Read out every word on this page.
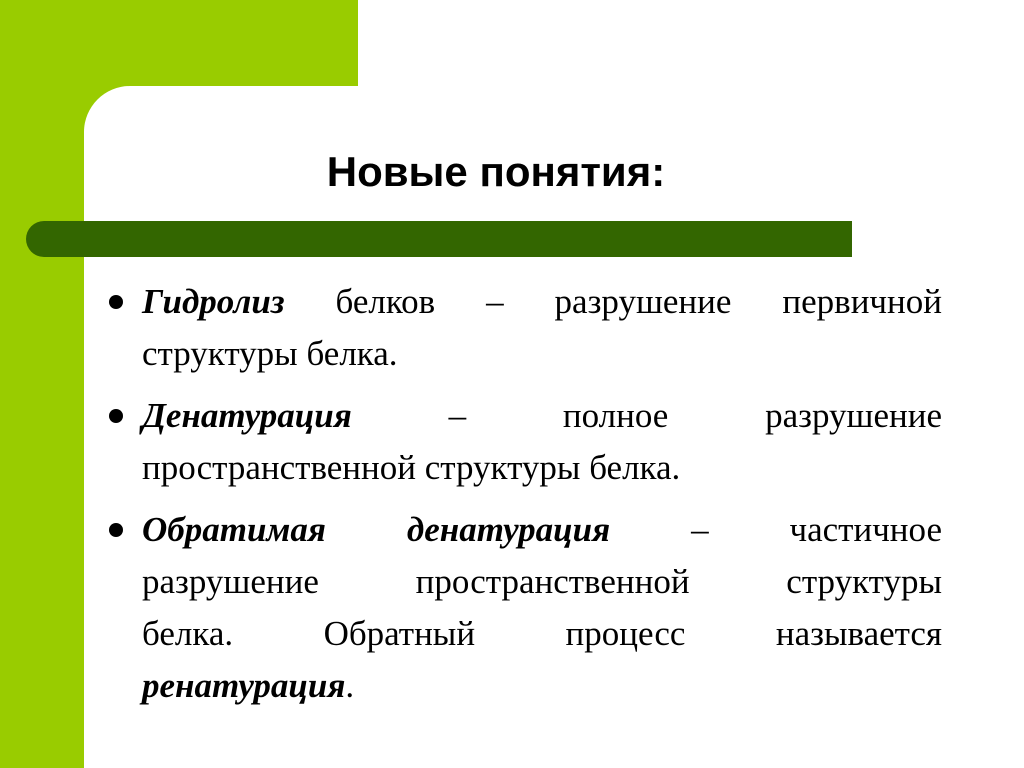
Новые понятия:
Гидролиз белков – разрушение первичной
структуры белка.
Денатурация	– полное разрушение
пространственной структуры белка.
Обратимая денатурация – частичное
разрушение пространственной структуры
белка. Обратный процесс называется
ренатурация.
